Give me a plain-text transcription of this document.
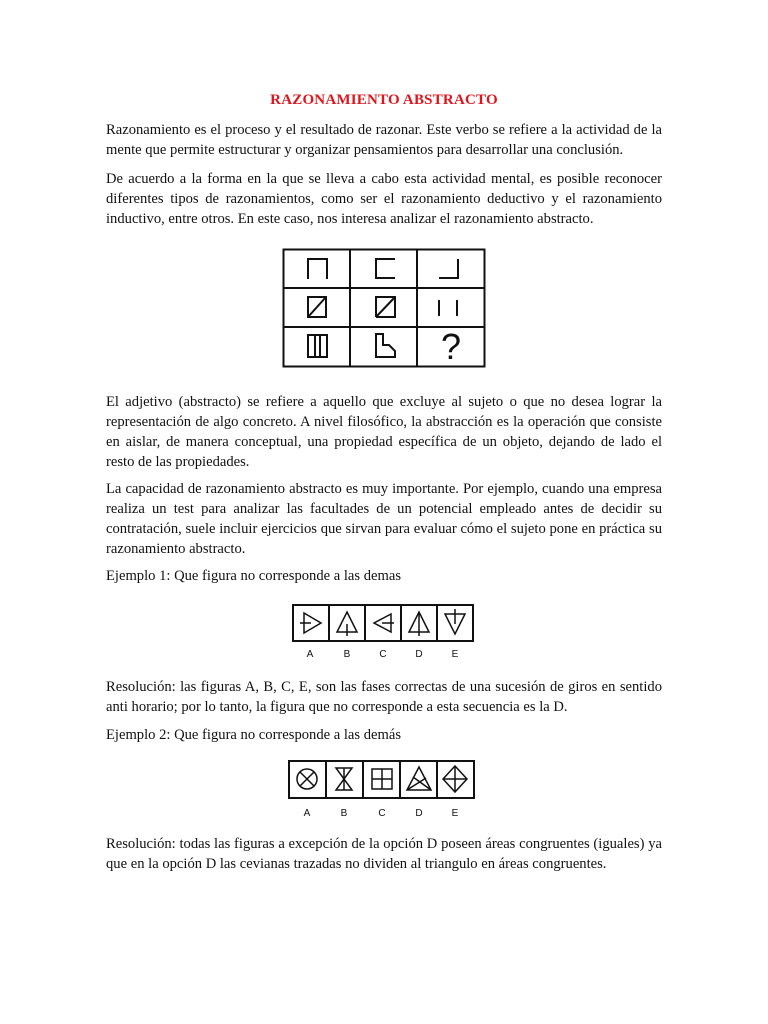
RAZONAMIENTO ABSTRACTO

Razonamiento es el proceso y el resultado de razonar. Este verbo se refiere a la actividad de la mente que permite estructurar y organizar pensamientos para desarrollar una conclusión.

De acuerdo a la forma en la que se lleva a cabo esta actividad mental, es posible reconocer diferentes tipos de razonamientos, como ser el razonamiento deductivo y el razonamiento inductivo, entre otros. En este caso, nos interesa analizar el razonamiento abstracto.

?

El adjetivo (abstracto) se refiere a aquello que excluye al sujeto o que no desea lograr la representación de algo concreto. A nivel filosófico, la abstracción es la operación que consiste en aislar, de manera conceptual, una propiedad específica de un objeto, dejando de lado el resto de las propiedades.

La capacidad de razonamiento abstracto es muy importante. Por ejemplo, cuando una empresa realiza un test para analizar las facultades de un potencial empleado antes de decidir su contratación, suele incluir ejercicios que sirvan para evaluar cómo el sujeto pone en práctica su razonamiento abstracto.

Ejemplo 1: Que figura no corresponde a las demas

A	B	C	D	E

Resolución: las figuras A, B, C, E, son las fases correctas de una sucesión de giros en sentido anti horario; por lo tanto, la figura que no corresponde a esta secuencia es la D.

Ejemplo 2: Que figura no corresponde a las demás

A	B	C	D	E

Resolución: todas las figuras a excepción de la opción D poseen áreas congruentes (iguales) ya que en la opción D las cevianas trazadas no dividen al triangulo en áreas congruentes.
